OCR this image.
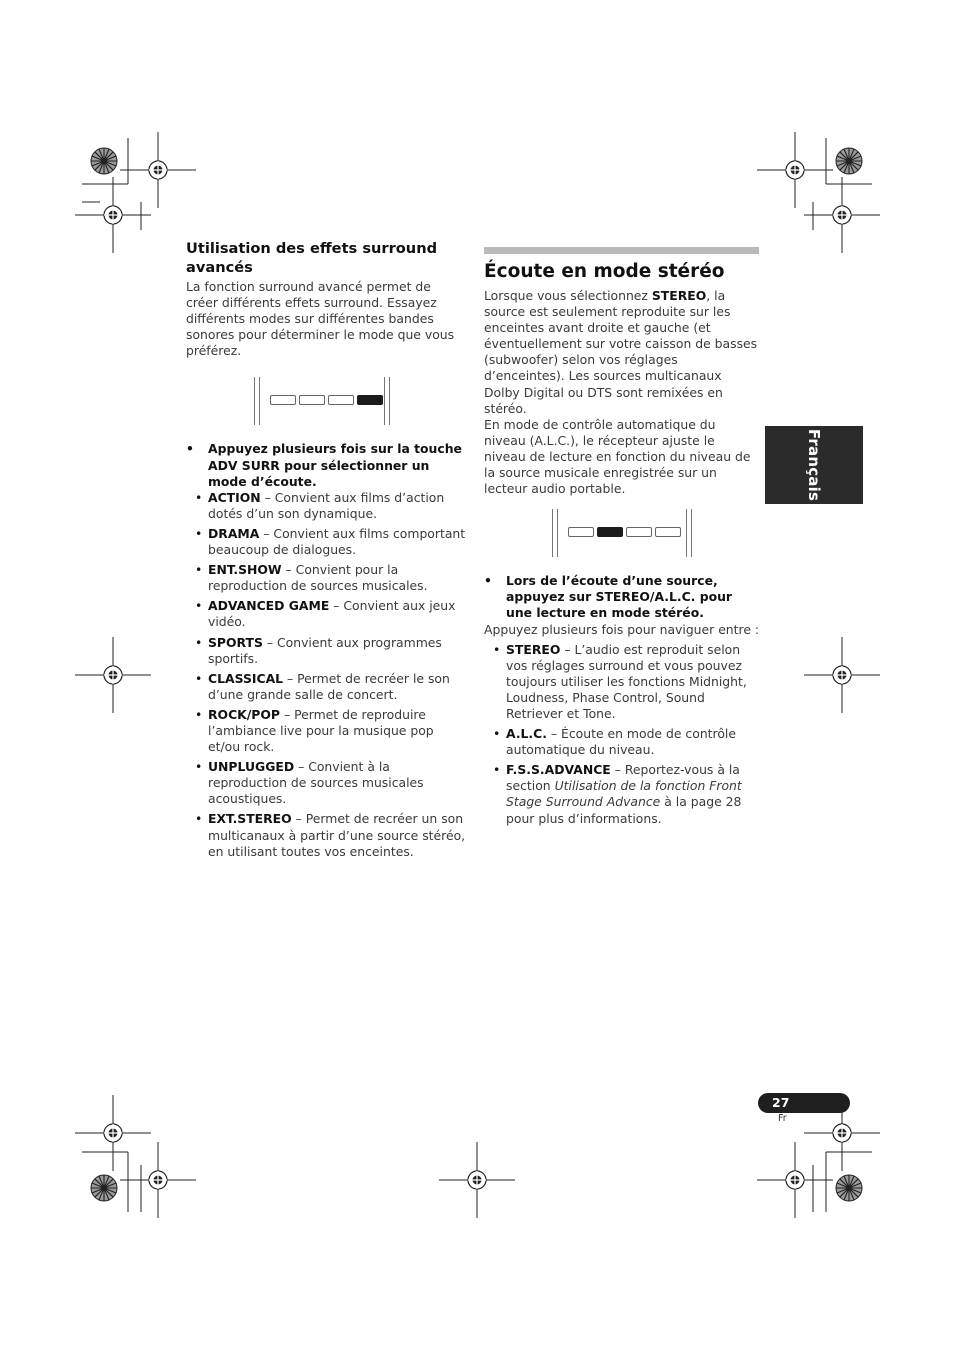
Utilisation des effets surround avancés

La fonction surround avancé permet de créer différents effets surround. Essayez différents modes sur différentes bandes sonores pour déterminer le mode que vous préférez.

• Appuyez plusieurs fois sur la touche ADV SURR pour sélectionner un mode d’écoute.

• ACTION – Convient aux films d’action dotés d’un son dynamique.
• DRAMA – Convient aux films comportant beaucoup de dialogues.
• ENT.SHOW – Convient pour la reproduction de sources musicales.
• ADVANCED GAME – Convient aux jeux vidéo.
• SPORTS – Convient aux programmes sportifs.
• CLASSICAL – Permet de recréer le son d’une grande salle de concert.
• ROCK/POP – Permet de reproduire l’ambiance live pour la musique pop et/ou rock.
• UNPLUGGED – Convient à la reproduction de sources musicales acoustiques.
• EXT.STEREO – Permet de recréer un son multicanaux à partir d’une source stéréo, en utilisant toutes vos enceintes.
Écoute en mode stéréo

Lorsque vous sélectionnez STEREO, la source est seulement reproduite sur les enceintes avant droite et gauche (et éventuellement sur votre caisson de basses (subwoofer) selon vos réglages d’enceintes). Les sources multicanaux Dolby Digital ou DTS sont remixées en stéréo.

En mode de contrôle automatique du niveau (A.L.C.), le récepteur ajuste le niveau de lecture en fonction du niveau de la source musicale enregistrée sur un lecteur audio portable.

• Lors de l’écoute d’une source, appuyez sur STEREO/A.L.C. pour une lecture en mode stéréo.

Appuyez plusieurs fois pour naviguer entre :

• STEREO – L’audio est reproduit selon vos réglages surround et vous pouvez toujours utiliser les fonctions Midnight, Loudness, Phase Control, Sound Retriever et Tone.
• A.L.C. – Écoute en mode de contrôle automatique du niveau.
• F.S.S.ADVANCE – Reportez-vous à la section Utilisation de la fonction Front Stage Surround Advance à la page 28 pour plus d’informations.
Français
27
Fr
